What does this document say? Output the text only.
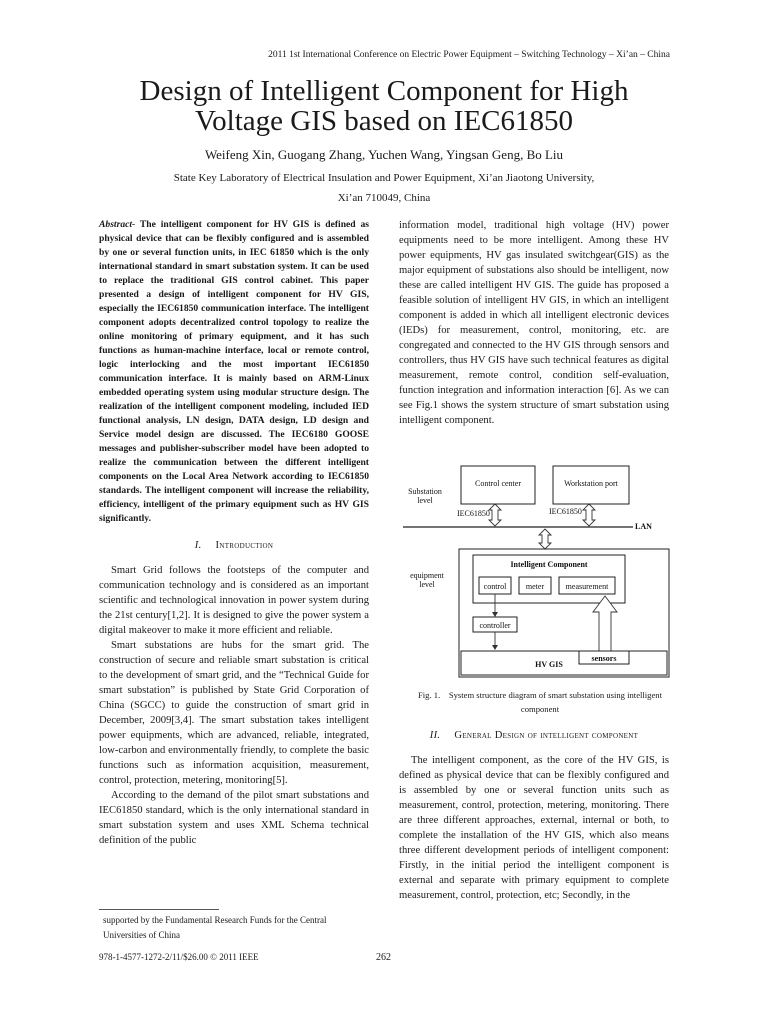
2011 1st International Conference on Electric Power Equipment – Switching Technology – Xi’an – China
Design of Intelligent Component for High
Voltage GIS based on IEC61850
Weifeng Xin, Guogang Zhang, Yuchen Wang, Yingsan Geng, Bo Liu
State Key Laboratory of Electrical Insulation and Power Equipment, Xi’an Jiaotong University,
Xi’an 710049, China

Abstract- The intelligent component for HV GIS is defined as physical device that can be flexibly configured and is assembled by one or several function units, in IEC 61850 which is the only international standard in smart substation system. It can be used to replace the traditional GIS control cabinet. This paper presented a design of intelligent component for HV GIS, especially the IEC61850 communication interface. The intelligent component adopts decentralized control topology to realize the online monitoring of primary equipment, and it has such functions as human-machine interface, local or remote control, logic interlocking and the most important IEC61850 communication interface. It is mainly based on ARM-Linux embedded operating system using modular structure design. The realization of the intelligent component modeling, included IED functional analysis, LN design, DATA design, LD design and Service model design are discussed. The IEC6180 GOOSE messages and publisher-subscriber model have been adopted to realize the communication between the different intelligent components on the Local Area Network according to IEC61850 standards. The intelligent component will increase the reliability, efficiency, intelligent of the primary equipment such as HV GIS significantly.

I. Introduction

Smart Grid follows the footsteps of the computer and communication technology and is considered as an important scientific and technological innovation in power system during the 21st century[1,2]. It is designed to give the power system a digital makeover to make it more efficient and reliable.

Smart substations are hubs for the smart grid. The construction of secure and reliable smart substation is critical to the development of smart grid, and the “Technical Guide for smart substation” is published by State Grid Corporation of China (SGCC) to guide the construction of smart grid in December, 2009[3,4]. The smart substation takes intelligent power equipments, which are advanced, reliable, integrated, low-carbon and environmentally friendly, to complete the basic functions such as information acquisition, measurement, control, protection, metering, monitoring[5].

According to the demand of the pilot smart substations and IEC61850 standard, which is the only international standard in smart substation system and uses XML Schema technical definition of the public

supported by the Fundamental Research Funds for the Central
Universities of China

information model, traditional high voltage (HV) power equipments need to be more intelligent. Among these HV power equipments, HV gas insulated switchgear(GIS) as the major equipment of substations also should be intelligent, now these are called intelligent HV GIS. The guide has proposed a feasible solution of intelligent HV GIS, in which an intelligent component is added in which all intelligent electronic devices (IEDs) for measurement, control, monitoring, etc. are congregated and connected to the HV GIS through sensors and controllers, thus HV GIS have such technical features as digital measurement, remote control, condition self-evaluation, function integration and information interaction [6]. As we can see Fig.1 shows the system structure of smart substation using intelligent component.

Substation
level
Control center	Workstation port
IEC61850	IEC61850
LAN
equipment
level
Intelligent Component
control meter	measurement
controller
HV GIS
sensors
Fig. 1. System structure diagram of smart substation using intelligent component
II. General Design of intelligent component

The intelligent component, as the core of the HV GIS, is defined as physical device that can be flexibly configured and is assembled by one or several function units such as measurement, control, protection, metering, monitoring. There are three different approaches, external, internal or both, to complete the installation of the HV GIS, which also means three different development periods of intelligent component: Firstly, in the initial period the intelligent component is external and separate with primary equipment to complete measurement, control, protection, etc; Secondly, in the

978-1-4577-1272-2/11/$26.00 © 2011 IEEE	262
